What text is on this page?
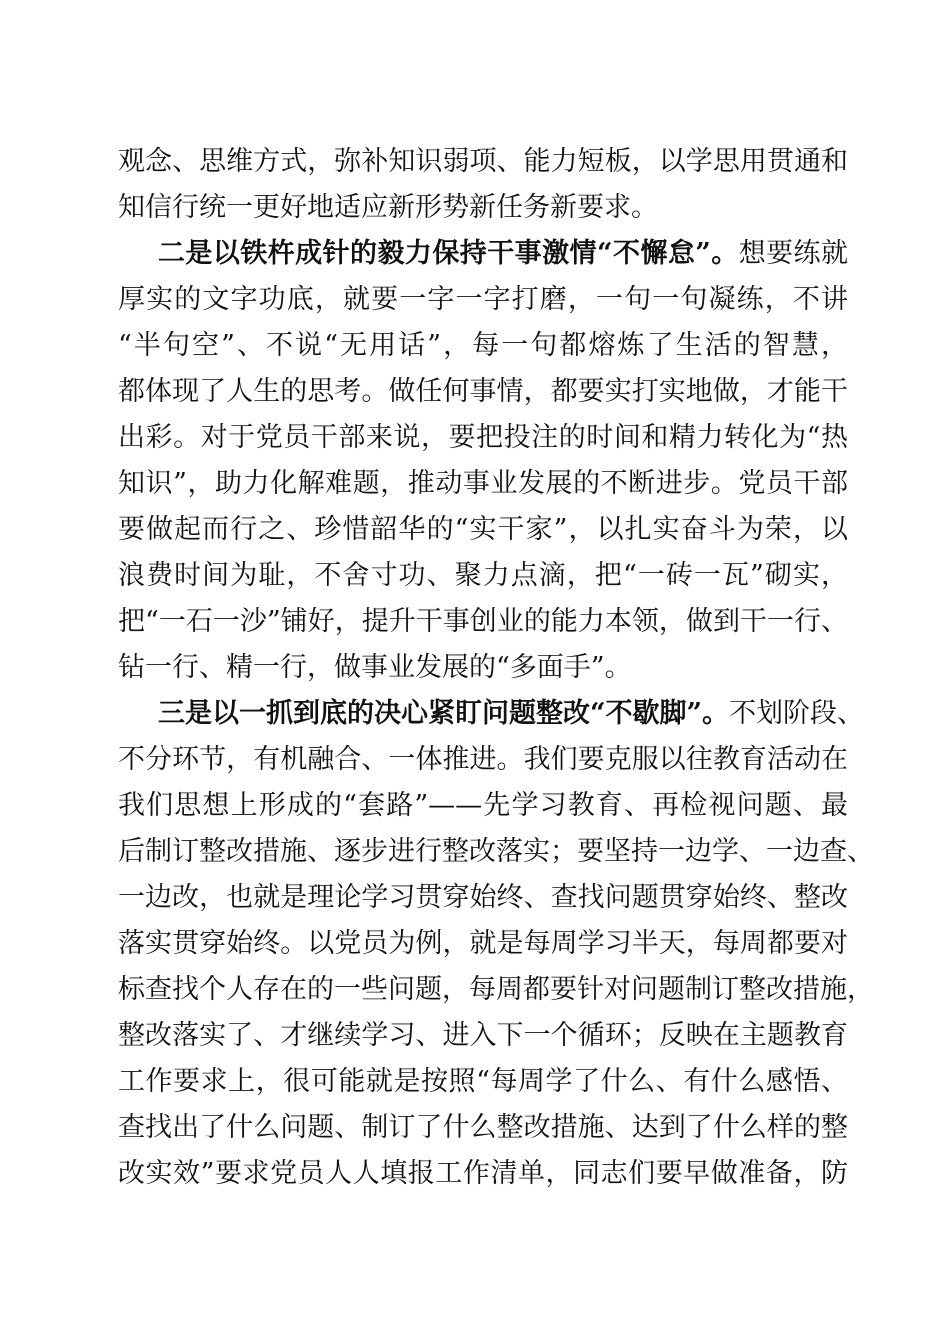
观念、思维方式，弥补知识弱项、能力短板，以学思用贯通和
知信行统一更好地适应新形势新任务新要求。
二是以铁杵成针的毅力保持干事激情“不懈怠”。想要练就
厚实的文字功底，就要一字一字打磨，一句一句凝练，不讲
“半句空”、不说“无用话”，每一句都熔炼了生活的智慧，
都体现了人生的思考。做任何事情，都要实打实地做，才能干
出彩。对于党员干部来说，要把投注的时间和精力转化为“热
知识”，助力化解难题，推动事业发展的不断进步。党员干部
要做起而行之、珍惜韶华的“实干家”，以扎实奋斗为荣，以
浪费时间为耻，不舍寸功、聚力点滴，把“一砖一瓦”砌实，
把“一石一沙”铺好，提升干事创业的能力本领，做到干一行、
钻一行、精一行，做事业发展的“多面手”。
三是以一抓到底的决心紧盯问题整改“不歇脚”。不划阶段、
不分环节，有机融合、一体推进。我们要克服以往教育活动在
我们思想上形成的“套路”——先学习教育、再检视问题、最
后制订整改措施、逐步进行整改落实；要坚持一边学、一边查、
一边改，也就是理论学习贯穿始终、查找问题贯穿始终、整改
落实贯穿始终。以党员为例，就是每周学习半天，每周都要对
标查找个人存在的一些问题，每周都要针对问题制订整改措施，
整改落实了、才继续学习、进入下一个循环；反映在主题教育
工作要求上，很可能就是按照“每周学了什么、有什么感悟、
查找出了什么问题、制订了什么整改措施、达到了什么样的整
改实效”要求党员人人填报工作清单，同志们要早做准备，防
